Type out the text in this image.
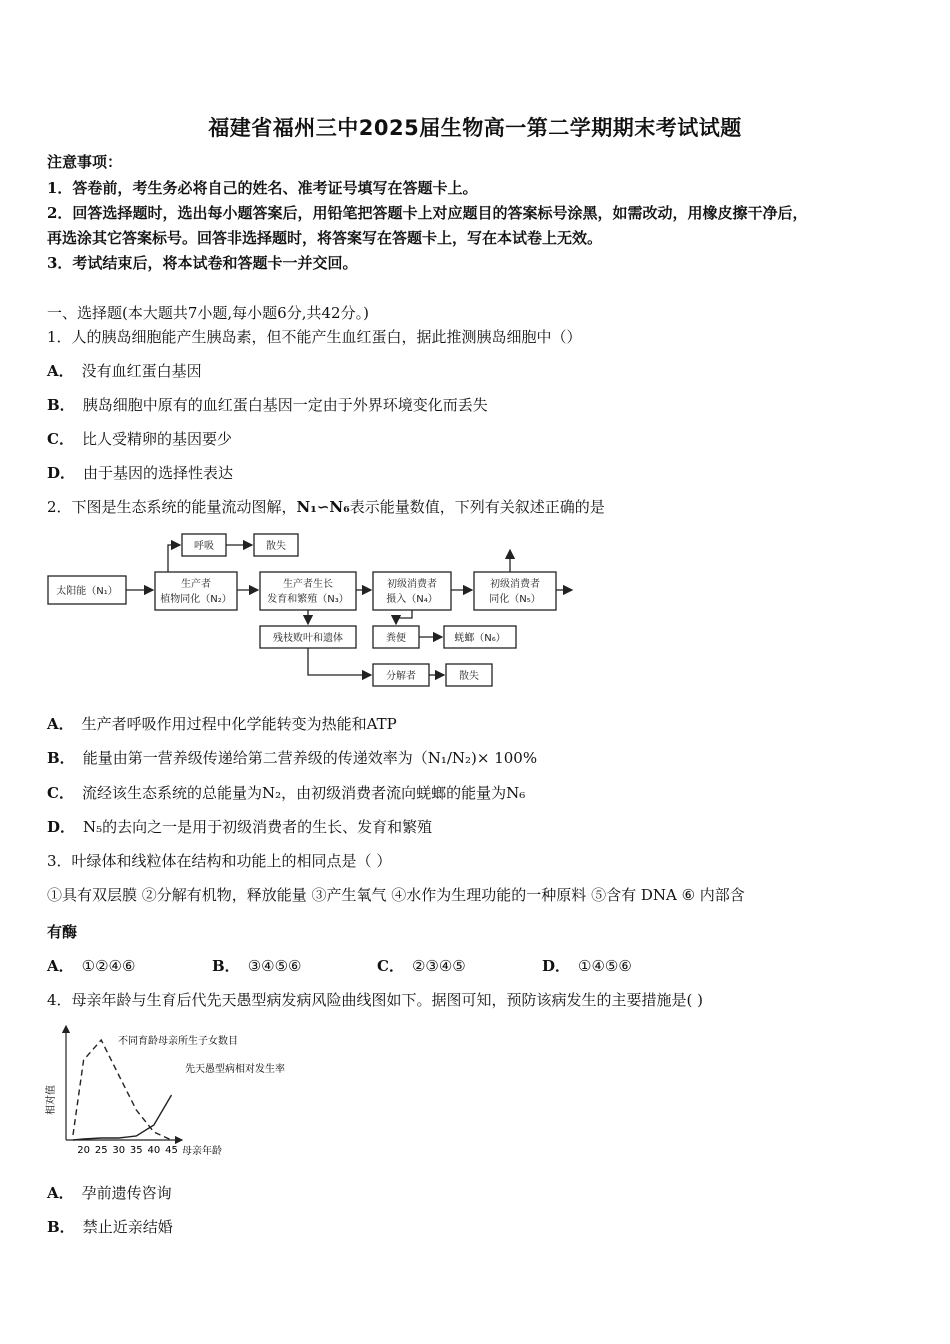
福建省福州三中2025届生物高一第二学期期末考试试题
注意事项：
1．答卷前，考生务必将自己的姓名、准考证号填写在答题卡上。
2．回答选择题时，选出每小题答案后，用铅笔把答题卡上对应题目的答案标号涂黑，如需改动，用橡皮擦干净后，
再选涂其它答案标号。回答非选择题时，将答案写在答题卡上，写在本试卷上无效。
3．考试结束后，将本试卷和答题卡一并交回。
一、选择题(本大题共7小题,每小题6分,共42分。)
1．人的胰岛细胞能产生胰岛素，但不能产生血红蛋白，据此推测胰岛细胞中（）
A． 没有血红蛋白基因
B． 胰岛细胞中原有的血红蛋白基因一定由于外界环境变化而丢失
C． 比人受精卵的基因要少
D． 由于基因的选择性表达
2．下图是生态系统的能量流动图解，N₁∽N₆表示能量数值，下列有关叙述正确的是
呼吸	散失
太阳能（N₁）
生产者
植物同化（N₂）
生产者生长
发育和繁殖（N₃）
初级消费者
摄入（N₄）
初级消费者
同化（N₅）
残枝败叶和遗体	粪便	蜣螂（N₆）
分解者	散失
A． 生产者呼吸作用过程中化学能转变为热能和ATP
B． 能量由第一营养级传递给第二营养级的传递效率为（N₁/N₂)× 100%
C． 流经该生态系统的总能量为N₂，由初级消费者流向蜣螂的能量为N₆
D． N₅的去向之一是用于初级消费者的生长、发育和繁殖
3．叶绿体和线粒体在结构和功能上的相同点是（ ）
①具有双层膜 ②分解有机物，释放能量 ③产生氧气 ④水作为生理功能的一种原料 ⑤含有 DNA ⑥ 内部含
有酶
A． ①②④⑥	B． ③④⑤⑥	C． ②③④⑤	D． ①④⑤⑥
4．母亲年龄与生育后代先天愚型病发病风险曲线图如下。据图可知，预防该病发生的主要措施是( )
相对值
母亲年龄
20 25 30 35 40 45
不同育龄母亲所生子女数目
先天愚型病相对发生率
A． 孕前遗传咨询
B． 禁止近亲结婚
